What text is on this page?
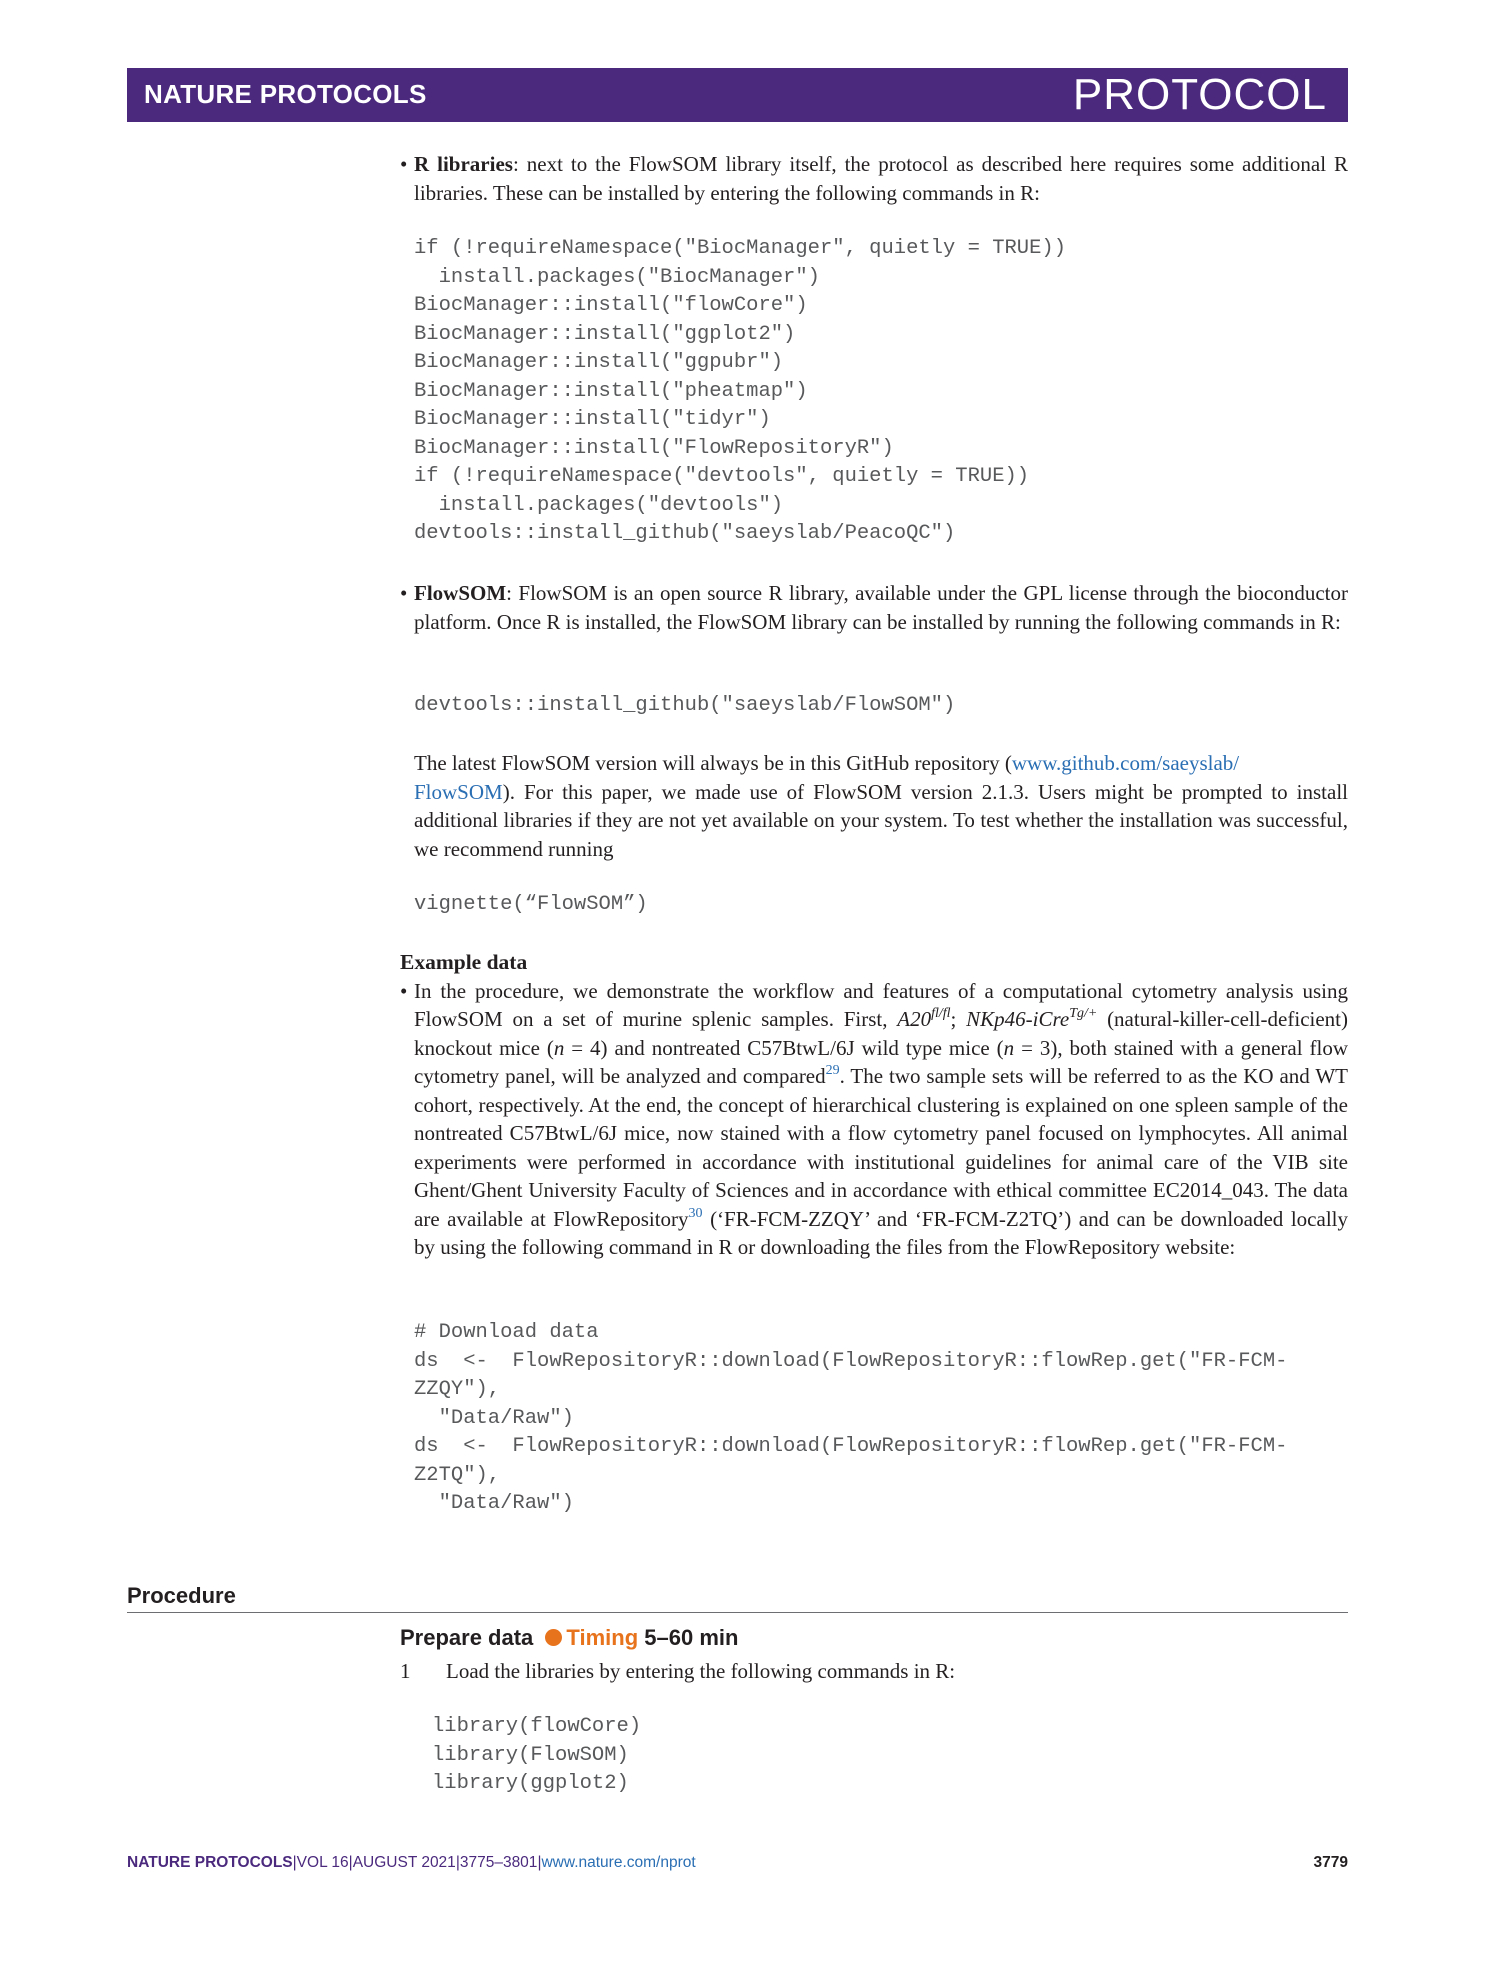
NATURE PROTOCOLS	PROTOCOL
• R libraries: next to the FlowSOM library itself, the protocol as described here requires some additional R libraries. These can be installed by entering the following commands in R:
if (!requireNamespace("BiocManager", quietly = TRUE))
install.packages("BiocManager")
BiocManager::install("flowCore")
BiocManager::install("ggplot2")
BiocManager::install("ggpubr")
BiocManager::install("pheatmap")
BiocManager::install("tidyr")
BiocManager::install("FlowRepositoryR")
if (!requireNamespace("devtools", quietly = TRUE))
install.packages("devtools")
devtools::install_github("saeyslab/PeacoQC")
• FlowSOM: FlowSOM is an open source R library, available under the GPL license through the bioconductor platform. Once R is installed, the FlowSOM library can be installed by running the following commands in R:
devtools::install_github("saeyslab/FlowSOM")
The latest FlowSOM version will always be in this GitHub repository (www.github.com/saeyslab/
FlowSOM). For this paper, we made use of FlowSOM version 2.1.3. Users might be prompted to install additional libraries if they are not yet available on your system. To test whether the installation was successful, we recommend running
vignette(“FlowSOM”)
Example data
• In the procedure, we demonstrate the workflow and features of a computational cytometry analysis using FlowSOM on a set of murine splenic samples. First, $A20^{fl/fl}$; NKp46-iCre$^{Tg/+}$ (natural-killer-cell-deficient) knockout mice (n = 4) and nontreated C57BtwL/6J wild type mice (n = 3), both stained with a general flow cytometry panel, will be analyzed and compared$^{29}$. The two sample sets will be referred to as the KO and WT cohort, respectively. At the end, the concept of hierarchical clustering is explained on one spleen sample of the nontreated C57BtwL/6J mice, now stained with a flow cytometry panel focused on lymphocytes. All animal experiments were performed in accordance with institutional guidelines for animal care of the VIB site Ghent/Ghent University Faculty of Sciences and in accordance with ethical committee EC2014_043. The data are available at FlowRepository$^{30}$ (‘FR-FCM-ZZQY’ and ‘FR-FCM-Z2TQ’) and can be downloaded locally by using the following command in R or downloading the files from the FlowRepository website:
# Download data
ds  <-  FlowRepositoryR::download(FlowRepositoryR::flowRep.get("FR-FCM-
ZZQY"),
"Data/Raw")
ds  <-  FlowRepositoryR::download(FlowRepositoryR::flowRep.get("FR-FCM-
Z2TQ"),
"Data/Raw")
Procedure
Prepare data Timing 5–60 min
1 Load the libraries by entering the following commands in R:
library(flowCore)
library(FlowSOM)
library(ggplot2)
NATURE PROTOCOLS|VOL 16|AUGUST 2021|3775–3801|www.nature.com/nprot	3779
